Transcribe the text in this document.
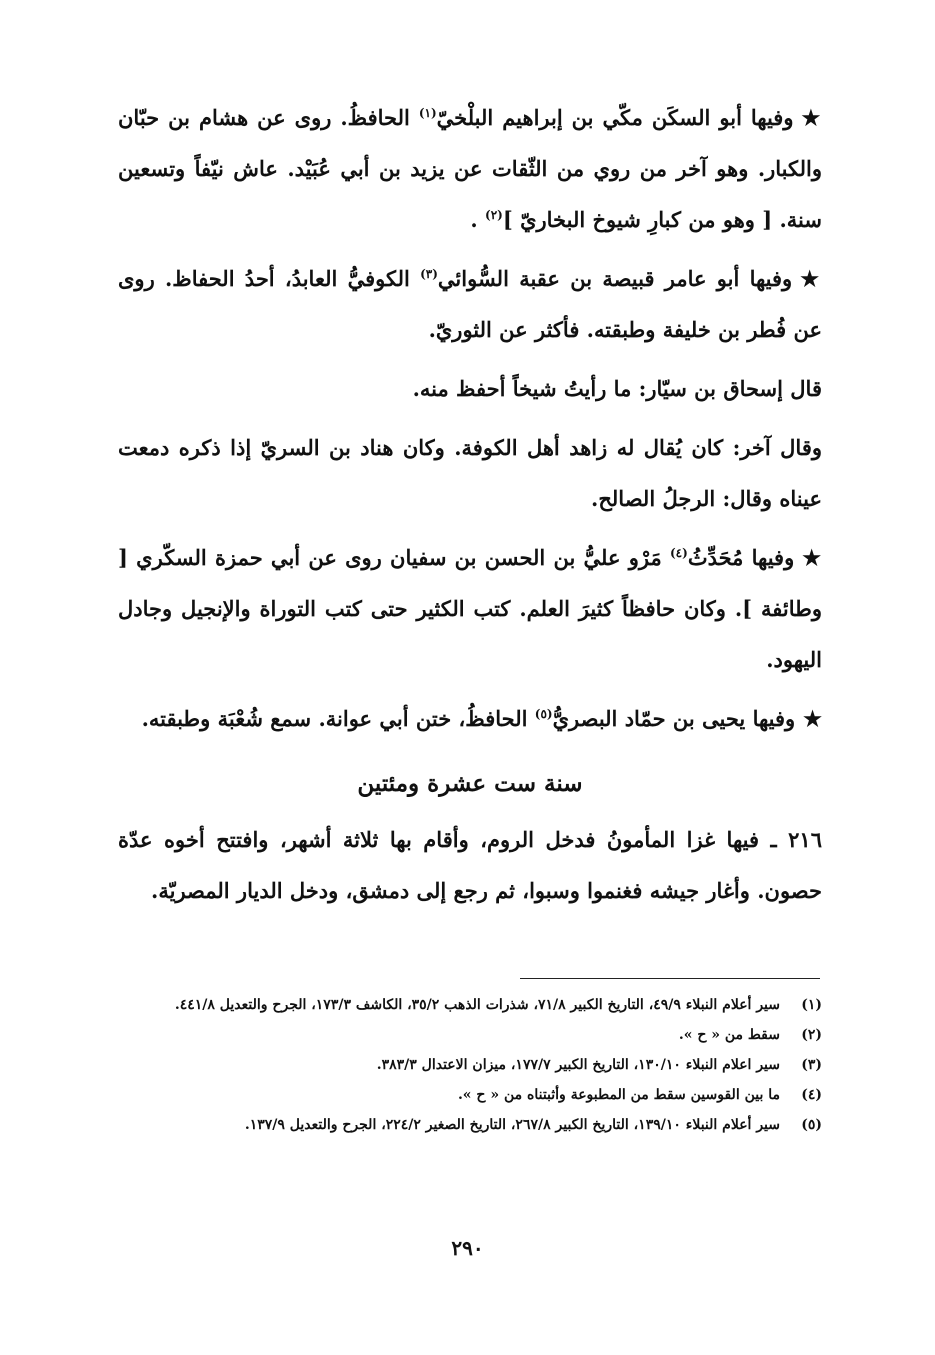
★وفيها أبو السكَن مكّي بن إبراهيم البلْخيّ$^{(١)}$ الحافظُ. روى عن هشام بن حبّان والكبار. وهو آخر من روي من الثّقات عن يزيد بن أبي عُبَيْد. عاش نيّفاً وتسعين سنة. [ وهو من كبارِ شيوخ البخاريّ ]$^{(٢)}$ .

★وفيها أبو عامر قبيصة بن عقبة السُّوائي$^{(٣)}$ الكوفيُّ العابدُ، أحدُ الحفاظ. روى عن فُطر بن خليفة وطبقته. فأكثر عن الثوريّ.

قال إسحاق بن سيّار: ما رأيتُ شيخاً أحفظ منه.

وقال آخر: كان يُقال له زاهد أهل الكوفة. وكان هناد بن السريّ إذا ذكره دمعت عيناه وقال: الرجلُ الصالح.

★وفيها مُحَدِّثُ$^{(٤)}$ مَرْو عليُّ بن الحسن بن سفيان روى عن أبي حمزة السكّري [ وطائفة ]. وكان حافظاً كثيرَ العلم. كتب الكثير حتى كتب التوراة والإنجيل وجادل اليهود.

★وفيها يحيى بن حمّاد البصريُّ$^{(٥)}$ الحافظُ، ختن أبي عوانة. سمع شُعْبَة وطبقته.

سنة ست عشرة ومئتين

٢١٦ ـ فيها غزا المأمونُ فدخل الروم، وأقام بها ثلاثة أشهر، وافتتح أخوه عدّة حصون. وأغار جيشه فغنموا وسبوا، ثم رجع إلى دمشق، ودخل الديار المصريّة.

(١)
سير أعلام النبلاء ٤٩/٩، التاريخ الكبير ٧١/٨، شذرات الذهب ٣٥/٢، الكاشف ١٧٣/٣، الجرح والتعديل ٤٤١/٨.
(٢)
سقط من « ح ».
(٣)
سير اعلام النبلاء ١٣٠/١٠، التاريخ الكبير ١٧٧/٧، ميزان الاعتدال ٣٨٣/٣.
(٤)
ما بين القوسين سقط من المطبوعة وأثبتناه من « ح ».
(٥)
سير أعلام النبلاء ١٣٩/١٠، التاريخ الكبير ٢٦٧/٨، التاريخ الصغير ٢٢٤/٢، الجرح والتعديل ١٣٧/٩.
٢٩٠
